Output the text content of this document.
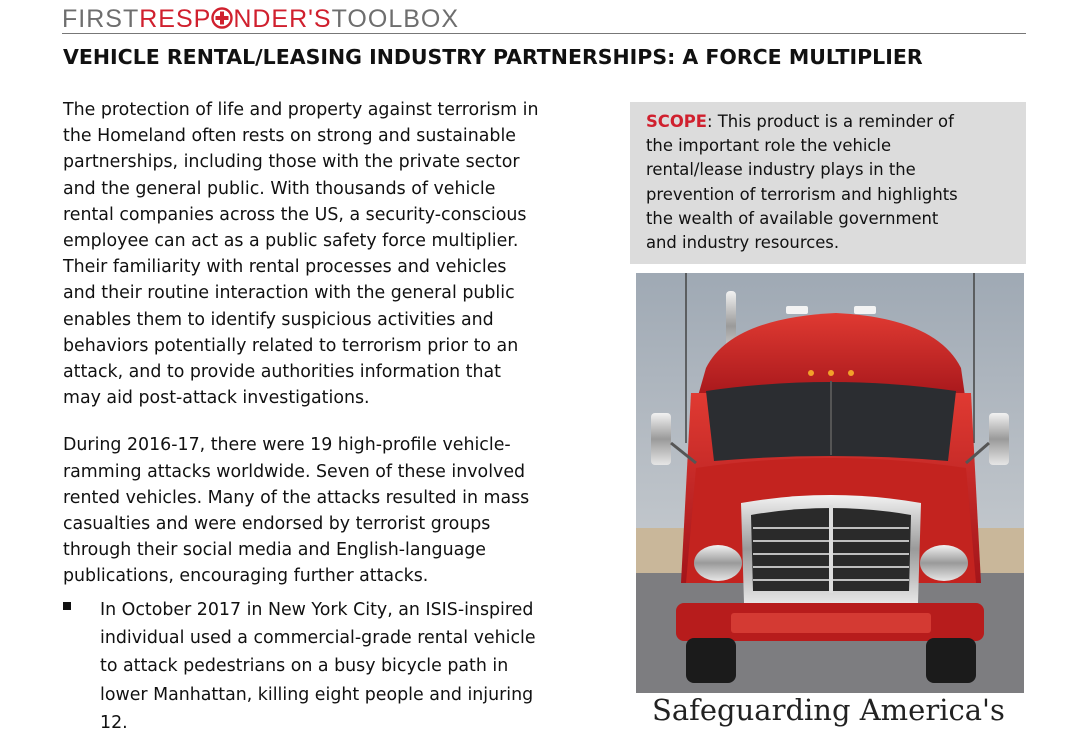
FIRSTRESP NDER'STOOLBOX
VEHICLE RENTAL/LEASING INDUSTRY PARTNERSHIPS: A FORCE MULTIPLIER

The protection of life and property against terrorism in
the Homeland often rests on strong and sustainable
partnerships, including those with the private sector
and the general public. With thousands of vehicle
rental companies across the US, a security-conscious
employee can act as a public safety force multiplier.
Their familiarity with rental processes and vehicles
and their routine interaction with the general public
enables them to identify suspicious activities and
behaviors potentially related to terrorism prior to an
attack, and to provide authorities information that
may aid post-attack investigations.

During 2016-17, there were 19 high-profile vehicle-
ramming attacks worldwide. Seven of these involved
rented vehicles. Many of the attacks resulted in mass
casualties and were endorsed by terrorist groups
through their social media and English-language
publications, encouraging further attacks.

In October 2017 in New York City, an ISIS-inspired
individual used a commercial-grade rental vehicle
to attack pedestrians on a busy bicycle path in
lower Manhattan, killing eight people and injuring
12.
SCOPE: This product is a reminder of
the important role the vehicle
rental/lease industry plays in the
prevention of terrorism and highlights
the wealth of available government
and industry resources.
Safeguarding America's
